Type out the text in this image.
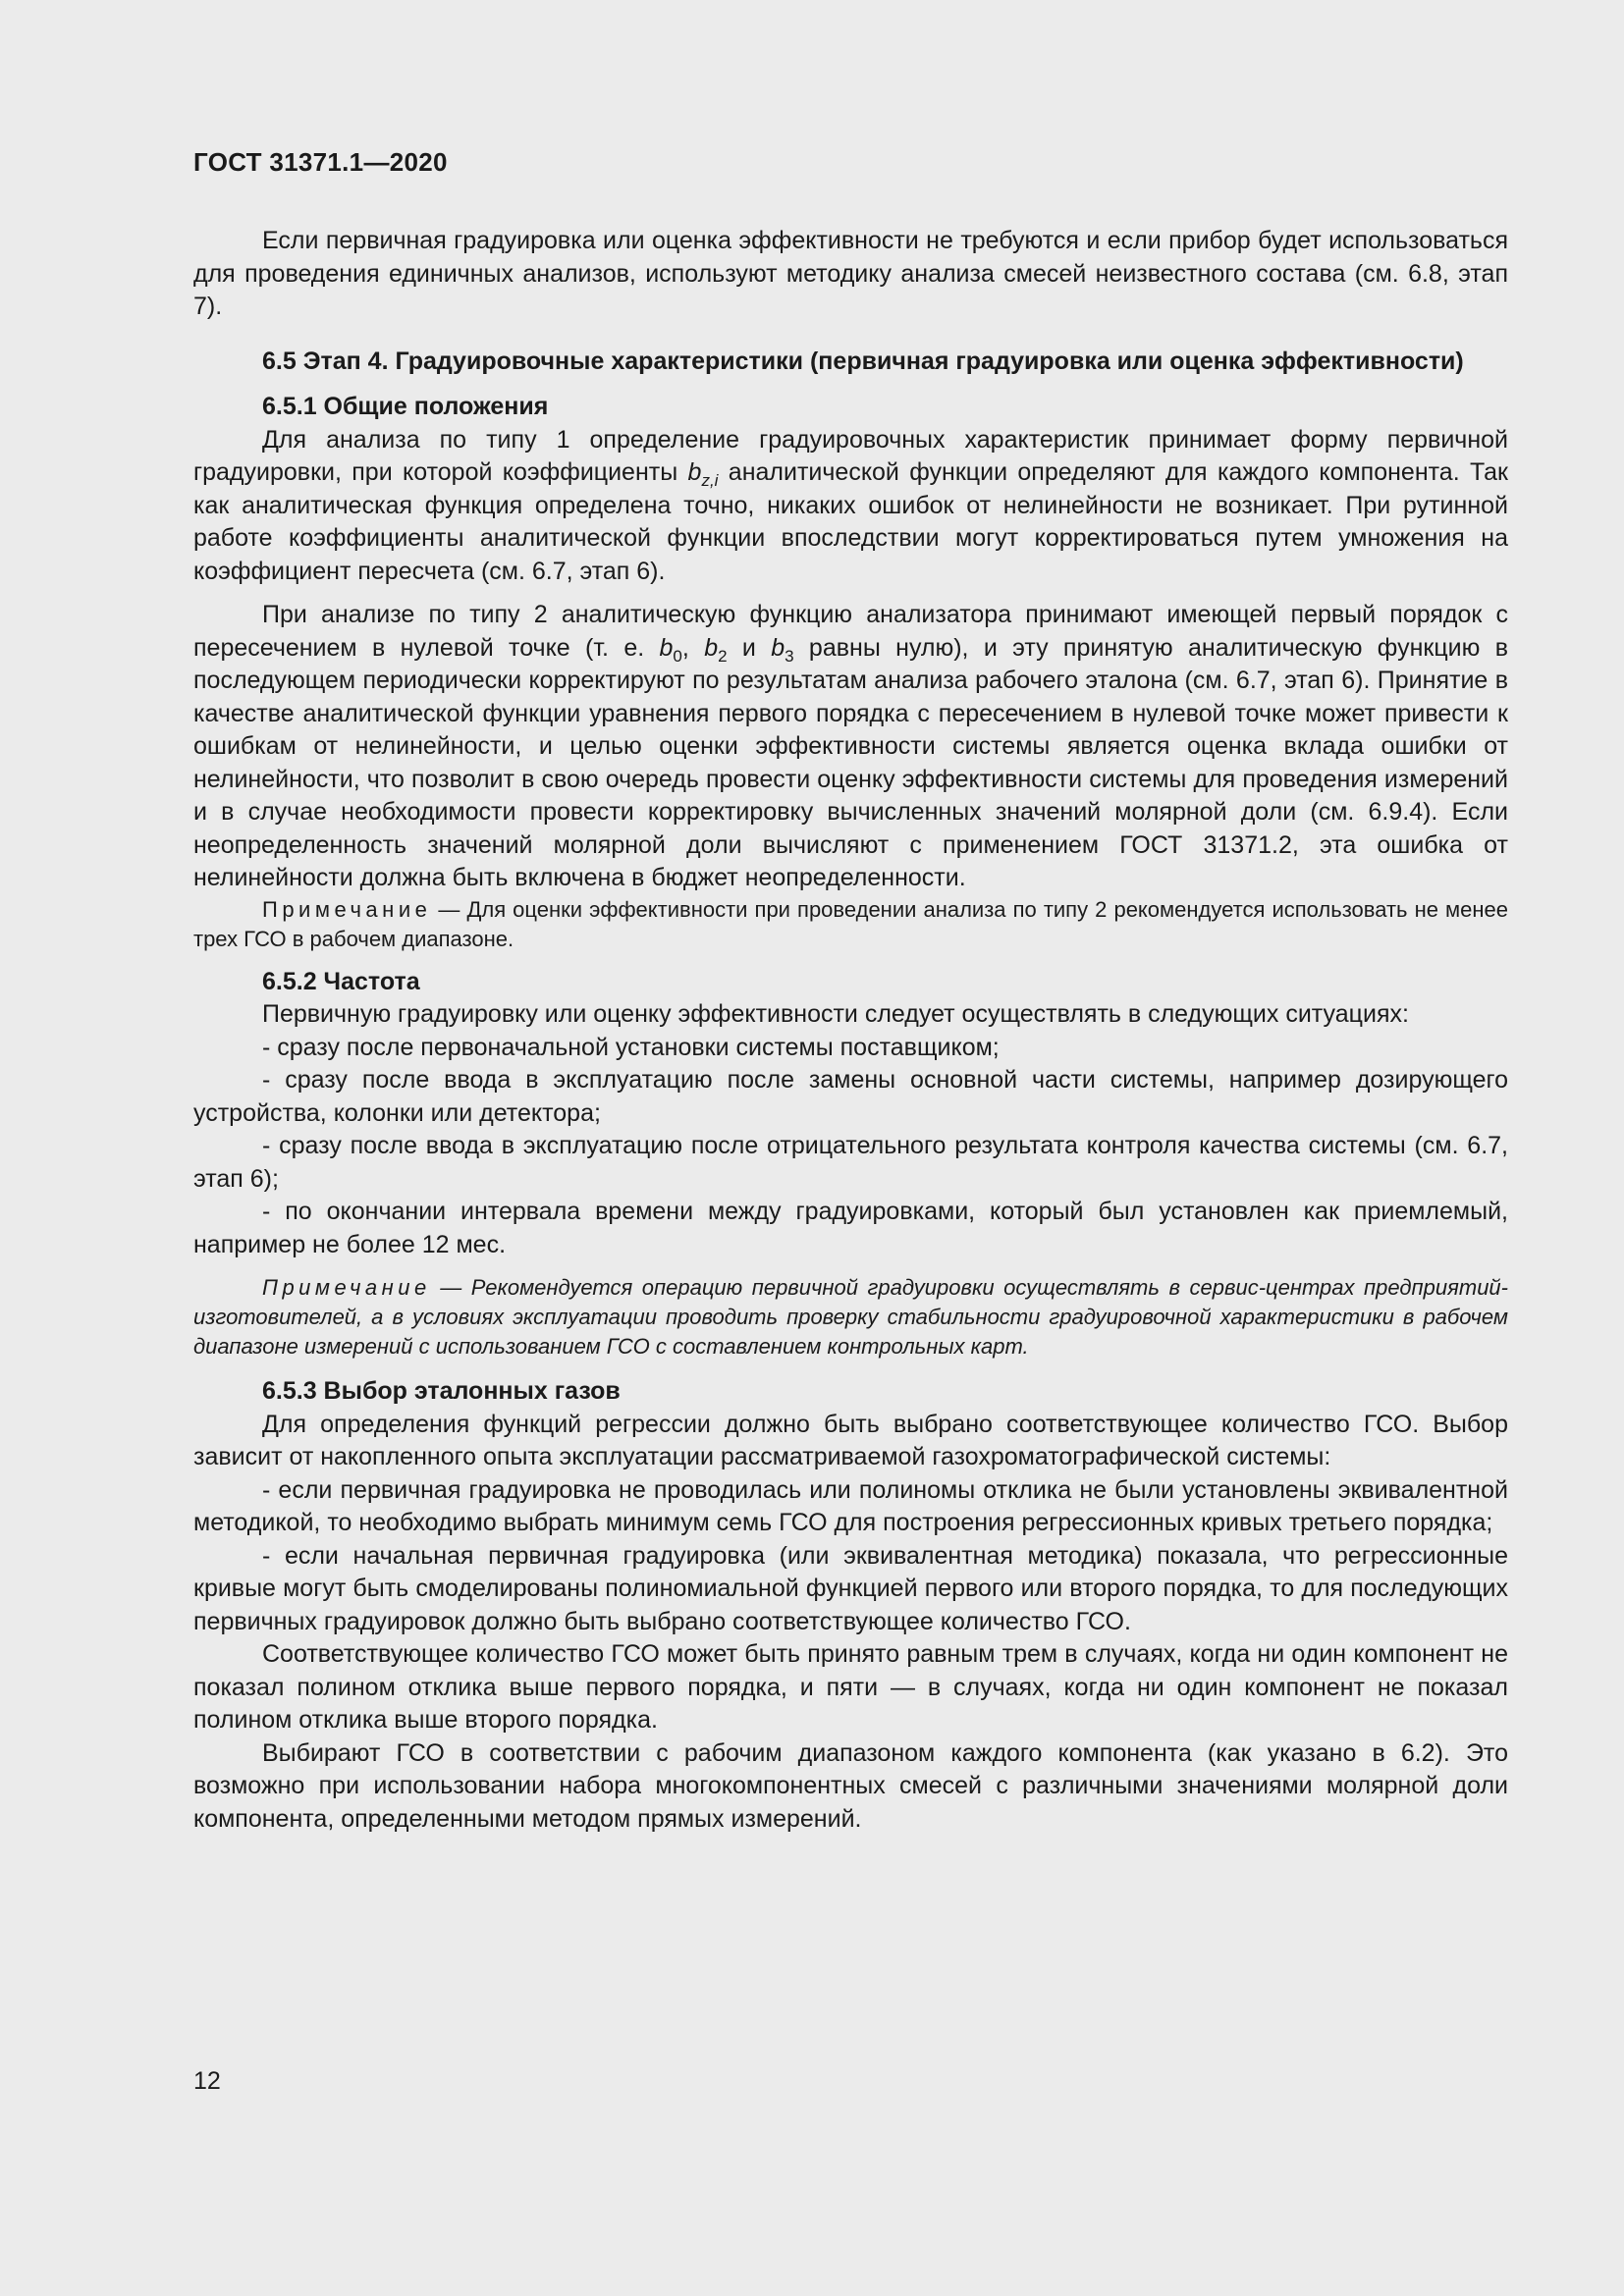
ГОСТ 31371.1—2020

Если первичная градуировка или оценка эффективности не требуются и если прибор будет использоваться для проведения единичных анализов, используют методику анализа смесей неизвестного состава (см. 6.8, этап 7).

6.5 Этап 4. Градуировочные характеристики (первичная градуировка или оценка эффективности)

6.5.1 Общие положения

Для анализа по типу 1 определение градуировочных характеристик принимает форму первичной градуировки, при которой коэффициенты $b_{z,i}$ аналитической функции определяют для каждого компонента. Так как аналитическая функция определена точно, никаких ошибок от нелинейности не возникает. При рутинной работе коэффициенты аналитической функции впоследствии могут корректироваться путем умножения на коэффициент пересчета (см. 6.7, этап 6).

При анализе по типу 2 аналитическую функцию анализатора принимают имеющей первый порядок с пересечением в нулевой точке (т. е. $b_0$, $b_2$ и $b_3$ равны нулю), и эту принятую аналитическую функцию в последующем периодически корректируют по результатам анализа рабочего эталона (см. 6.7, этап 6). Принятие в качестве аналитической функции уравнения первого порядка с пересечением в нулевой точке может привести к ошибкам от нелинейности, и целью оценки эффективности системы является оценка вклада ошибки от нелинейности, что позволит в свою очередь провести оценку эффективности системы для проведения измерений и в случае необходимости провести корректировку вычисленных значений молярной доли (см. 6.9.4). Если неопределенность значений молярной доли вычисляют с применением ГОСТ 31371.2, эта ошибка от нелинейности должна быть включена в бюджет неопределенности.

Примечание — Для оценки эффективности при проведении анализа по типу 2 рекомендуется использовать не менее трех ГСО в рабочем диапазоне.

6.5.2 Частота

Первичную градуировку или оценку эффективности следует осуществлять в следующих ситуациях:

- сразу после первоначальной установки системы поставщиком;

- сразу после ввода в эксплуатацию после замены основной части системы, например дозирующего устройства, колонки или детектора;

- сразу после ввода в эксплуатацию после отрицательного результата контроля качества системы (см. 6.7, этап 6);

- по окончании интервала времени между градуировками, который был установлен как приемлемый, например не более 12 мес.

Примечание — Рекомендуется операцию первичной градуировки осуществлять в сервис-центрах предприятий-изготовителей, а в условиях эксплуатации проводить проверку стабильности градуировочной характеристики в рабочем диапазоне измерений с использованием ГСО с составлением контрольных карт.

6.5.3 Выбор эталонных газов

Для определения функций регрессии должно быть выбрано соответствующее количество ГСО. Выбор зависит от накопленного опыта эксплуатации рассматриваемой газохроматографической системы:

- если первичная градуировка не проводилась или полиномы отклика не были установлены эквивалентной методикой, то необходимо выбрать минимум семь ГСО для построения регрессионных кривых третьего порядка;

- если начальная первичная градуировка (или эквивалентная методика) показала, что регрессионные кривые могут быть смоделированы полиномиальной функцией первого или второго порядка, то для последующих первичных градуировок должно быть выбрано соответствующее количество ГСО.

Соответствующее количество ГСО может быть принято равным трем в случаях, когда ни один компонент не показал полином отклика выше первого порядка, и пяти — в случаях, когда ни один компонент не показал полином отклика выше второго порядка.

Выбирают ГСО в соответствии с рабочим диапазоном каждого компонента (как указано в 6.2). Это возможно при использовании набора многокомпонентных смесей с различными значениями молярной доли компонента, определенными методом прямых измерений.

12
